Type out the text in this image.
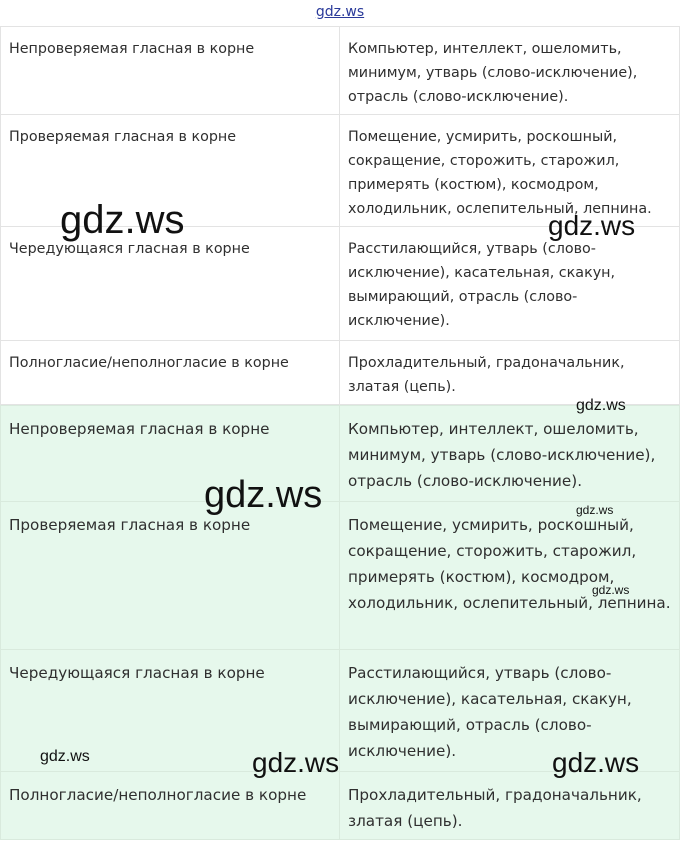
gdz.ws
Непроверяемая гласная в корне	Компьютер, интеллект, ошеломить, минимум, утварь (слово-исключение), отрасль (слово-исключение).
Проверяемая гласная в корне	Помещение, усмирить, роскошный, сокращение, сторожить, старожил, примерять (костюм), космодром, холодильник, ослепительный, лепнина.
Чередующаяся гласная в корне	Расстилающийся, утварь (слово-исключение), касательная, скакун, вымирающий, отрасль (слово-исключение).
Полногласие/неполногласие в корне	Прохладительный, градоначальник, златая (цепь).
Непроверяемая гласная в корне	Компьютер, интеллект, ошеломить, минимум, утварь (слово-исключение), отрасль (слово-исключение).
Проверяемая гласная в корне	Помещение, усмирить, роскошный, сокращение, сторожить, старожил, примерять (костюм), космодром, холодильник, ослепительный, лепнина.
Чередующаяся гласная в корне	Расстилающийся, утварь (слово-исключение), касательная, скакун, вымирающий, отрасль (слово-исключение).
Полногласие/неполногласие в корне	Прохладительный, градоначальник, златая (цепь).
gdz.ws	gdz.ws
gdz.ws
gdz.ws	gdz.ws
gdz.ws
gdz.ws	gdz.ws	gdz.ws
